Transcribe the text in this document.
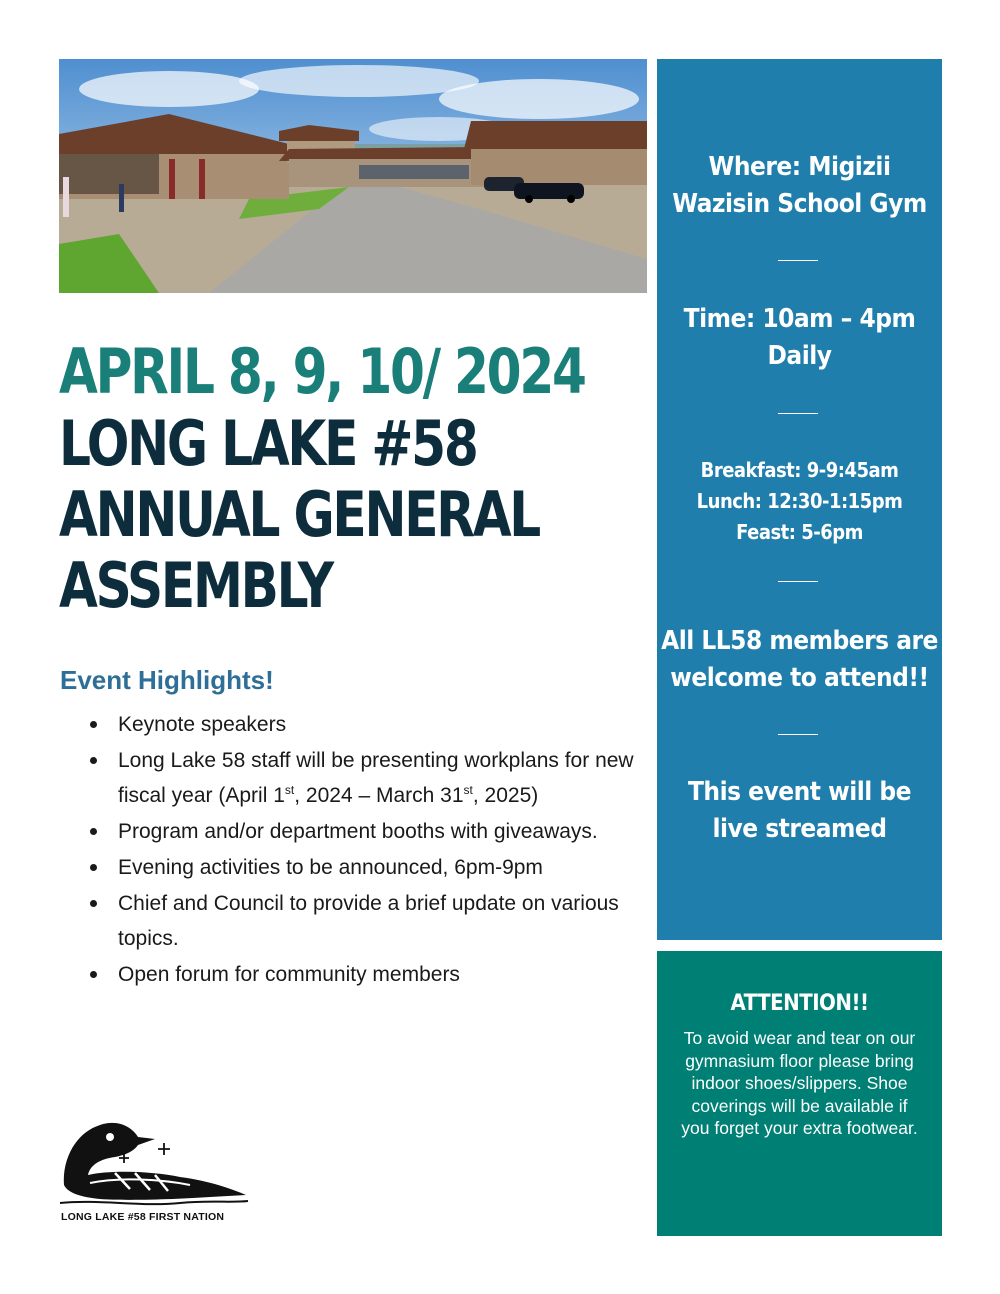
APRIL 8, 9, 10/ 2024
LONG LAKE #58
ANNUAL GENERAL
ASSEMBLY
Event Highlights!
Keynote speakers
Long Lake 58 staff will be presenting workplans for new fiscal year (April 1st, 2024 – March 31st, 2025)
Program and/or department booths with giveaways.
Evening activities to be announced, 6pm-9pm
Chief and Council to provide a brief update on various topics.
Open forum for community members
Where: Migizii
Wazisin School Gym
Time: 10am – 4pm
Daily
Breakfast: 9-9:45am
Lunch: 12:30-1:15pm
Feast: 5-6pm
All LL58 members are
welcome to attend!!
This event will be
live streamed
ATTENTION!!
To avoid wear and tear on our gymnasium floor please bring indoor shoes/slippers. Shoe coverings will be available if you forget your extra footwear.
LONG LAKE #58 FIRST NATION
